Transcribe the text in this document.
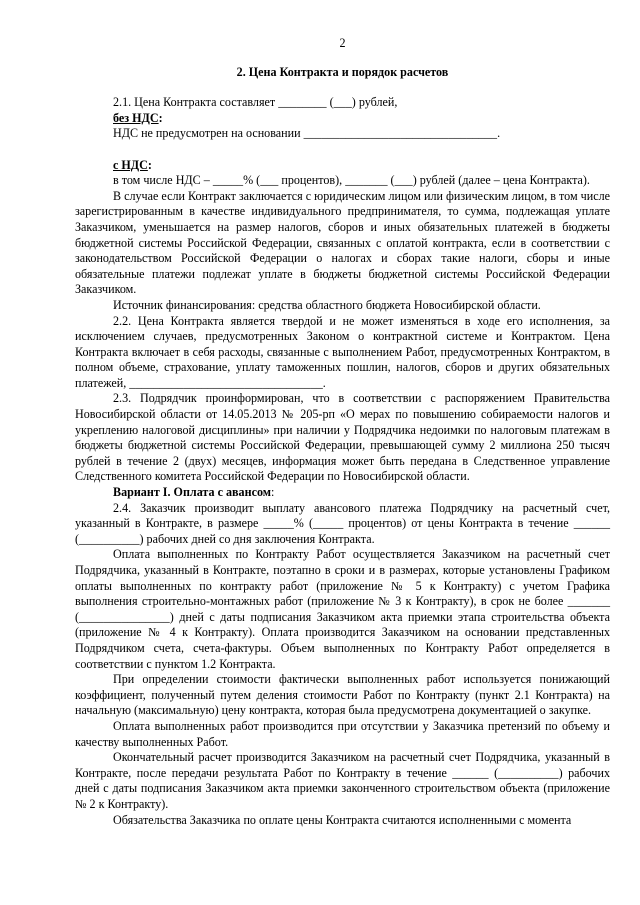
2
2. Цена Контракта и порядок расчетов

2.1. Цена Контракта составляет ________ (___) рублей,

без НДС:

НДС не предусмотрен на основании ________________________________.

с НДС:

в том числе НДС – _____% (___ процентов), _______ (___) рублей (далее – цена Контракта).

В случае если Контракт заключается с юридическим лицом или физическим лицом, в том числе зарегистрированным в качестве индивидуального предпринимателя, то сумма, подлежащая уплате Заказчиком, уменьшается на размер налогов, сборов и иных обязательных платежей в бюджеты бюджетной системы Российской Федерации, связанных с оплатой контракта, если в соответствии с законодательством Российской Федерации о налогах и сборах такие налоги, сборы и иные обязательные платежи подлежат уплате в бюджеты бюджетной системы Российской Федерации Заказчиком.

Источник финансирования: средства областного бюджета Новосибирской области.

2.2. Цена Контракта является твердой и не может изменяться в ходе его исполнения, за исключением случаев, предусмотренных Законом о контрактной системе и Контрактом. Цена Контракта включает в себя расходы, связанные с выполнением Работ, предусмотренных Контрактом, в полном объеме, страхование, уплату таможенных пошлин, налогов, сборов и других обязательных платежей, ________________________________.

2.3. Подрядчик проинформирован, что в соответствии с распоряжением Правительства Новосибирской области от 14.05.2013 № 205-рп «О мерах по повышению собираемости налогов и укреплению налоговой дисциплины» при наличии у Подрядчика недоимки по налоговым платежам в бюджеты бюджетной системы Российской Федерации, превышающей сумму 2 миллиона 250 тысяч рублей в течение 2 (двух) месяцев, информация может быть передана в Следственное управление Следственного комитета Российской Федерации по Новосибирской области.

Вариант I. Оплата с авансом:

2.4. Заказчик производит выплату авансового платежа Подрядчику на расчетный счет, указанный в Контракте, в размере _____% (_____ процентов) от цены Контракта в течение ______ (__________) рабочих дней со дня заключения Контракта.

Оплата выполненных по Контракту Работ осуществляется Заказчиком на расчетный счет Подрядчика, указанный в Контракте, поэтапно в сроки и в размерах, которые установлены Графиком оплаты выполненных по контракту работ (приложение № 5 к Контракту) с учетом Графика выполнения строительно-монтажных работ (приложение № 3 к Контракту), в срок не более _______ (_______________) дней с даты подписания Заказчиком акта приемки этапа строительства объекта (приложение № 4 к Контракту). Оплата производится Заказчиком на основании представленных Подрядчиком счета, счета-фактуры. Объем выполненных по Контракту Работ определяется в соответствии с пунктом 1.2 Контракта.

При определении стоимости фактически выполненных работ используется понижающий коэффициент, полученный путем деления стоимости Работ по Контракту (пункт 2.1 Контракта) на начальную (максимальную) цену контракта, которая была предусмотрена документацией о закупке.

Оплата выполненных работ производится при отсутствии у Заказчика претензий по объему и качеству выполненных Работ.

Окончательный расчет производится Заказчиком на расчетный счет Подрядчика, указанный в Контракте, после передачи результата Работ по Контракту в течение ______ (__________) рабочих дней с даты подписания Заказчиком акта приемки законченного строительством объекта (приложение № 2 к Контракту).

Обязательства Заказчика по оплате цены Контракта считаются исполненными с момента
